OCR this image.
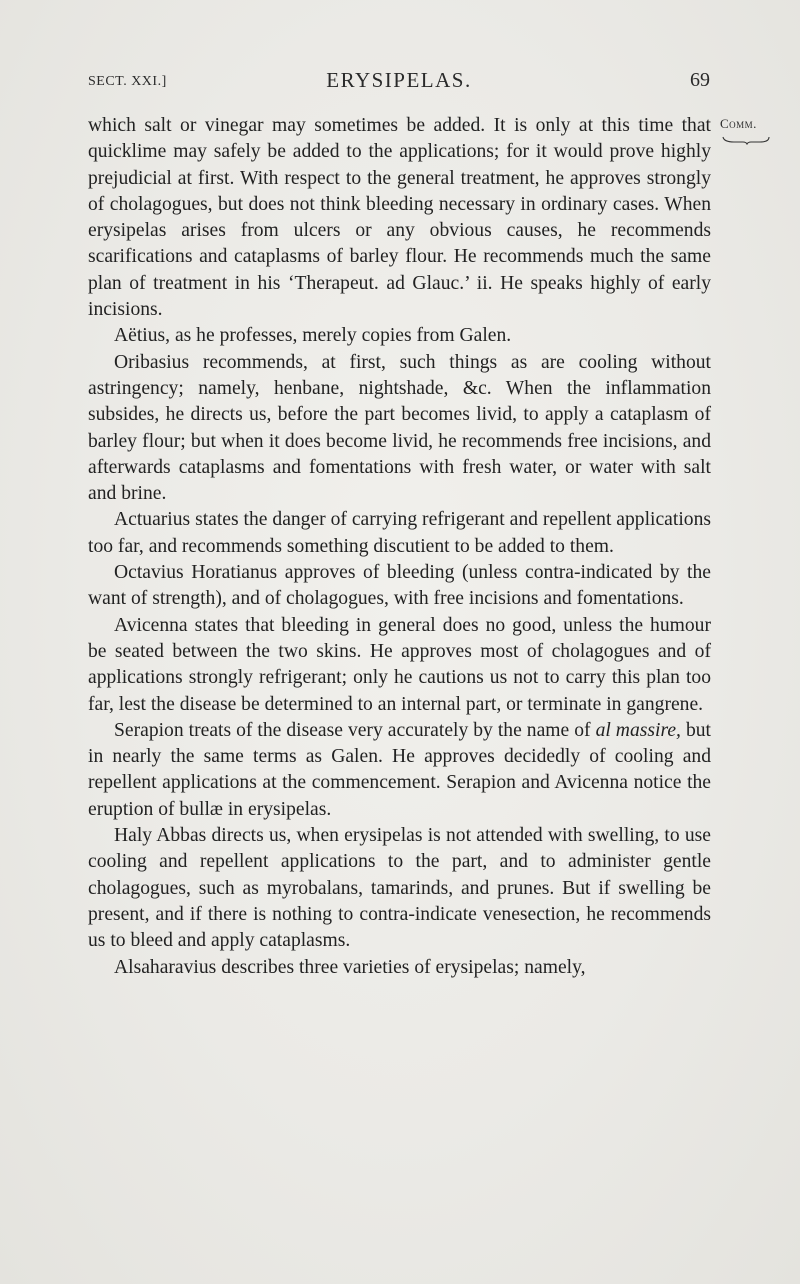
SECT. XXI.]	ERYSIPELAS.	69
Comm.

which salt or vinegar may sometimes be added. It is only at this time that quicklime may safely be added to the applications; for it would prove highly prejudicial at first. With respect to the general treatment, he approves strongly of cholagogues, but does not think bleeding necessary in ordinary cases. When erysipelas arises from ulcers or any obvious causes, he recommends scarifications and cataplasms of barley flour. He recommends much the same plan of treatment in his ‘Therapeut. ad Glauc.’ ii. He speaks highly of early incisions.

Aëtius, as he professes, merely copies from Galen.

Oribasius recommends, at first, such things as are cooling without astringency; namely, henbane, nightshade, &c. When the inflammation subsides, he directs us, before the part becomes livid, to apply a cataplasm of barley flour; but when it does become livid, he recommends free incisions, and afterwards cataplasms and fomentations with fresh water, or water with salt and brine.

Actuarius states the danger of carrying refrigerant and repellent applications too far, and recommends something discutient to be added to them.

Octavius Horatianus approves of bleeding (unless contra-indicated by the want of strength), and of cholagogues, with free incisions and fomentations.

Avicenna states that bleeding in general does no good, unless the humour be seated between the two skins. He approves most of cholagogues and of applications strongly refrigerant; only he cautions us not to carry this plan too far, lest the disease be determined to an internal part, or terminate in gangrene.

Serapion treats of the disease very accurately by the name of al massire, but in nearly the same terms as Galen. He approves decidedly of cooling and repellent applications at the commencement. Serapion and Avicenna notice the eruption of bullæ in erysipelas.

Haly Abbas directs us, when erysipelas is not attended with swelling, to use cooling and repellent applications to the part, and to administer gentle cholagogues, such as myrobalans, tamarinds, and prunes. But if swelling be present, and if there is nothing to contra-indicate venesection, he recommends us to bleed and apply cataplasms.

Alsaharavius describes three varieties of erysipelas; namely,
